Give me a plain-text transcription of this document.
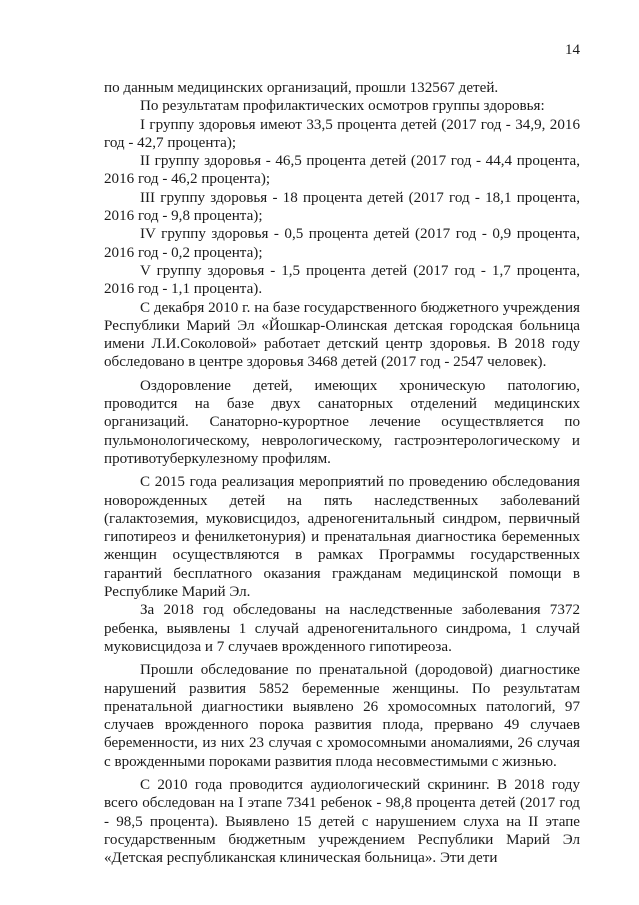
14

по данным медицинских организаций, прошли 132567 детей.

По результатам профилактических осмотров группы здоровья:

I группу здоровья имеют 33,5 процента детей (2017 год - 34,9, 2016 год - 42,7 процента);

II группу здоровья - 46,5 процента детей (2017 год - 44,4 процента, 2016 год - 46,2 процента);

III группу здоровья - 18 процента детей (2017 год - 18,1 процента, 2016 год - 9,8 процента);

IV группу здоровья - 0,5 процента детей (2017 год - 0,9 процента, 2016 год - 0,2 процента);

V группу здоровья - 1,5 процента детей (2017 год - 1,7 процента, 2016 год - 1,1 процента).

С декабря 2010 г. на базе государственного бюджетного учреждения Республики Марий Эл «Йошкар-Олинская детская городская больница имени Л.И.Соколовой» работает детский центр здоровья. В 2018 году обследовано в центре здоровья 3468 детей (2017 год - 2547 человек).

Оздоровление детей, имеющих хроническую патологию, проводится на базе двух санаторных отделений медицинских организаций. Санаторно-курортное лечение осуществляется по пульмонологическому, неврологическому, гастроэнтерологическому и противотуберкулезному профилям.

С 2015 года реализация мероприятий по проведению обследования новорожденных детей на пять наследственных заболеваний (галактоземия, муковисцидоз, адреногенитальный синдром, первичный гипотиреоз и фенилкетонурия) и пренатальная диагностика беременных женщин осуществляются в рамках Программы государственных гарантий бесплатного оказания гражданам медицинской помощи в Республике Марий Эл.

За 2018 год обследованы на наследственные заболевания 7372 ребенка, выявлены 1 случай адреногенитального синдрома, 1 случай муковисцидоза и 7 случаев врожденного гипотиреоза.

Прошли обследование по пренатальной (дородовой) диагностике нарушений развития 5852 беременные женщины. По результатам пренатальной диагностики выявлено 26 хромосомных патологий, 97 случаев врожденного порока развития плода, прервано 49 случаев беременности, из них 23 случая с хромосомными аномалиями, 26 случая с врожденными пороками развития плода несовместимыми с жизнью.

С 2010 года проводится аудиологический скрининг. В 2018 году всего обследован на I этапе 7341 ребенок - 98,8 процента детей (2017 год - 98,5 процента). Выявлено 15 детей с нарушением слуха на II этапе государственным бюджетным учреждением Республики Марий Эл «Детская республиканская клиническая больница». Эти дети
